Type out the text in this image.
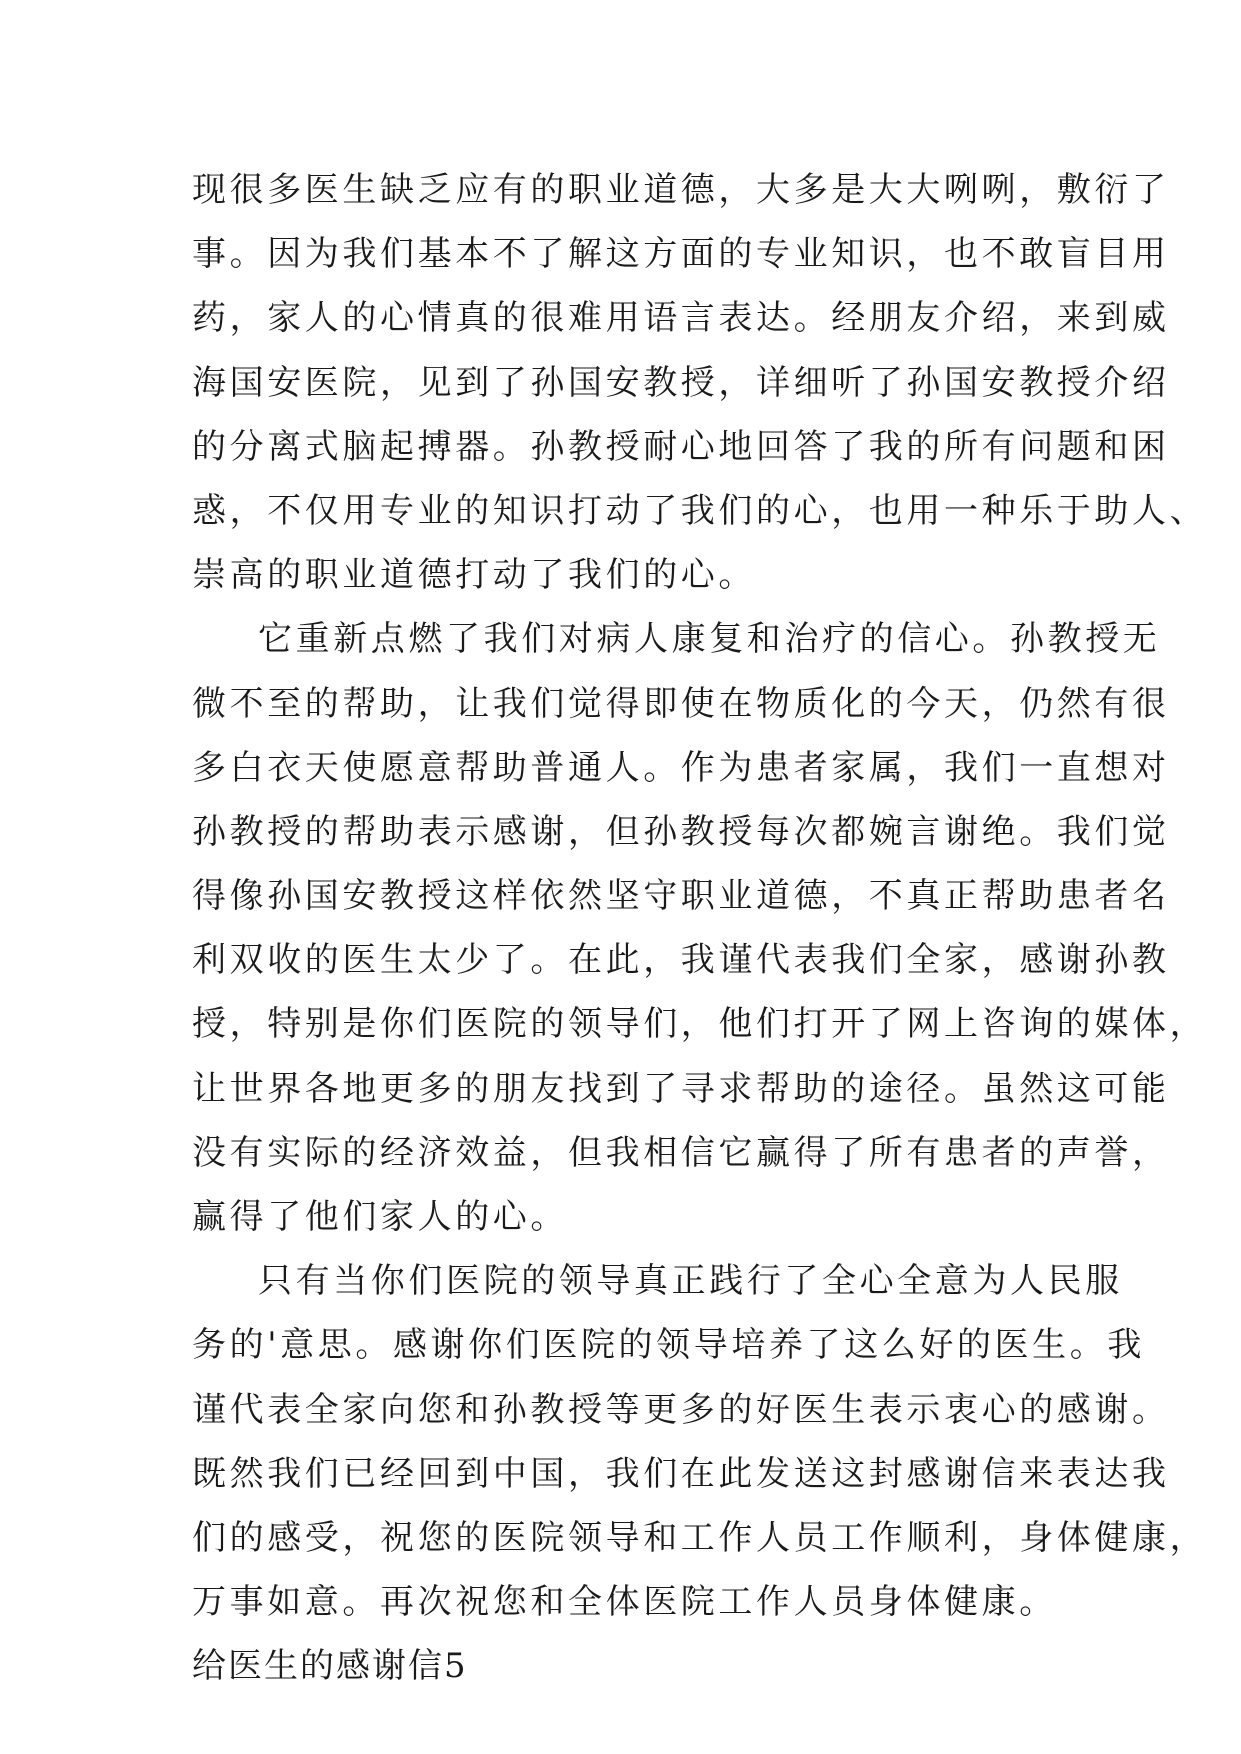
现很多医生缺乏应有的职业道德，大多是大大咧咧，敷衍了
事。因为我们基本不了解这方面的专业知识，也不敢盲目用
药，家人的心情真的很难用语言表达。经朋友介绍，来到威
海国安医院，见到了孙国安教授，详细听了孙国安教授介绍
的分离式脑起搏器。孙教授耐心地回答了我的所有问题和困
惑，不仅用专业的知识打动了我们的心，也用一种乐于助人、
崇高的职业道德打动了我们的心。
它重新点燃了我们对病人康复和治疗的信心。孙教授无
微不至的帮助，让我们觉得即使在物质化的今天，仍然有很
多白衣天使愿意帮助普通人。作为患者家属，我们一直想对
孙教授的帮助表示感谢，但孙教授每次都婉言谢绝。我们觉
得像孙国安教授这样依然坚守职业道德，不真正帮助患者名
利双收的医生太少了。在此，我谨代表我们全家，感谢孙教
授，特别是你们医院的领导们，他们打开了网上咨询的媒体，
让世界各地更多的朋友找到了寻求帮助的途径。虽然这可能
没有实际的经济效益，但我相信它赢得了所有患者的声誉，
赢得了他们家人的心。
只有当你们医院的领导真正践行了全心全意为人民服
务的'意思。感谢你们医院的领导培养了这么好的医生。我
谨代表全家向您和孙教授等更多的好医生表示衷心的感谢。
既然我们已经回到中国，我们在此发送这封感谢信来表达我
们的感受，祝您的医院领导和工作人员工作顺利，身体健康，
万事如意。再次祝您和全体医院工作人员身体健康。
给医生的感谢信5
